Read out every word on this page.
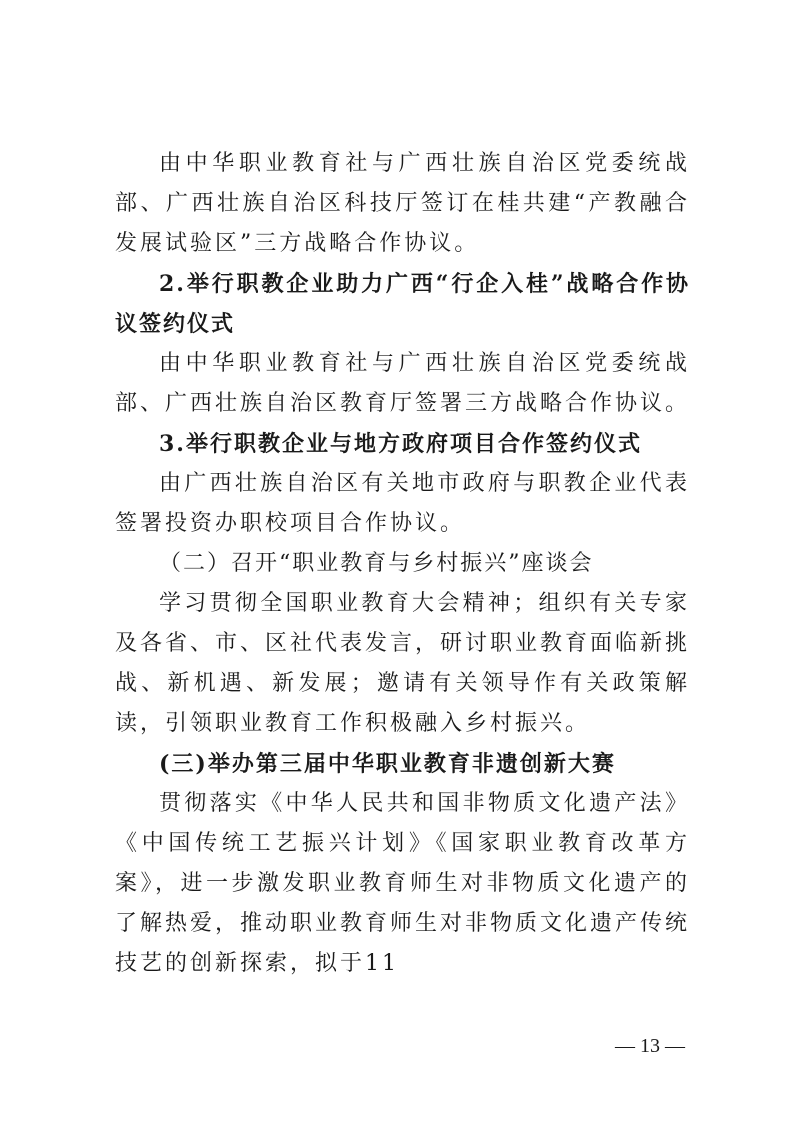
由中华职业教育社与广西壮族自治区党委统战部、广西壮族自治区科技厅签订在桂共建“产教融合发展试验区”三方战略合作协议。

2.举行职教企业助力广西“行企入桂”战略合作协议签约仪式

由中华职业教育社与广西壮族自治区党委统战部、广西壮族自治区教育厅签署三方战略合作协议。

3.举行职教企业与地方政府项目合作签约仪式

由广西壮族自治区有关地市政府与职教企业代表签署投资办职校项目合作协议。

（二）召开“职业教育与乡村振兴”座谈会

学习贯彻全国职业教育大会精神；组织有关专家及各省、市、区社代表发言，研讨职业教育面临新挑战、新机遇、新发展；邀请有关领导作有关政策解读，引领职业教育工作积极融入乡村振兴。

(三)举办第三届中华职业教育非遗创新大赛

贯彻落实《中华人民共和国非物质文化遗产法》《中国传统工艺振兴计划》《国家职业教育改革方案》，进一步激发职业教育师生对非物质文化遗产的了解热爱，推动职业教育师生对非物质文化遗产传统技艺的创新探索，拟于11

— 13 —
